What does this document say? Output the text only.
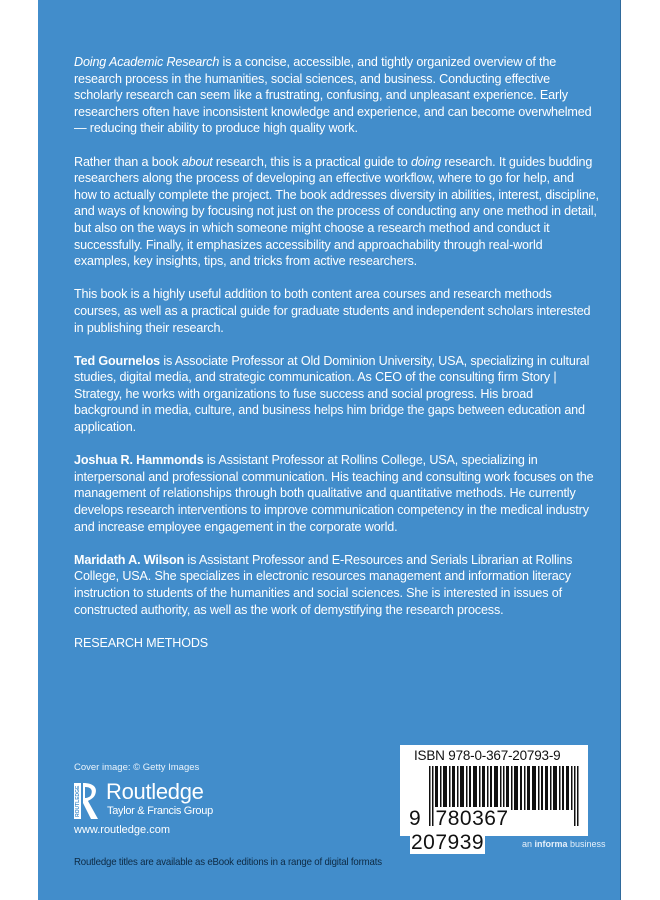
Doing Academic Research is a concise, accessible, and tightly organized overview of the research process in the humanities, social sciences, and business. Conducting effective scholarly research can seem like a frustrating, confusing, and unpleasant experience. Early researchers often have inconsistent knowledge and experience, and can become overwhelmed — reducing their ability to produce high quality work.

Rather than a book about research, this is a practical guide to doing research. It guides budding researchers along the process of developing an effective workflow, where to go for help, and how to actually complete the project. The book addresses diversity in abilities, interest, discipline, and ways of knowing by focusing not just on the process of conducting any one method in detail, but also on the ways in which someone might choose a research method and conduct it successfully. Finally, it emphasizes accessibility and approachability through real-world examples, key insights, tips, and tricks from active researchers.

This book is a highly useful addition to both content area courses and research methods courses, as well as a practical guide for graduate students and independent scholars interested in publishing their research.

Ted Gournelos is Associate Professor at Old Dominion University, USA, specializing in cultural studies, digital media, and strategic communication. As CEO of the consulting firm Story | Strategy, he works with organizations to fuse success and social progress. His broad background in media, culture, and business helps him bridge the gaps between education and application.

Joshua R. Hammonds is Assistant Professor at Rollins College, USA, specializing in interpersonal and professional communication. His teaching and consulting work focuses on the management of relationships through both qualitative and quantitative methods. He currently develops research interventions to improve communication competency in the medical industry and increase employee engagement in the corporate world.

Maridath A. Wilson is Assistant Professor and E-Resources and Serials Librarian at Rollins College, USA. She specializes in electronic resources management and information literacy instruction to students of the humanities and social sciences. She is interested in issues of constructed authority, as well as the work of demystifying the research process.

RESEARCH METHODS

Cover image: © Getty Images
ROUTLEDGE Routledge
Taylor & Francis Group
www.routledge.com
ISBN 978-0-367-20793-9
9 780367 207939	an informa business
Routledge titles are available as eBook editions in a range of digital formats
